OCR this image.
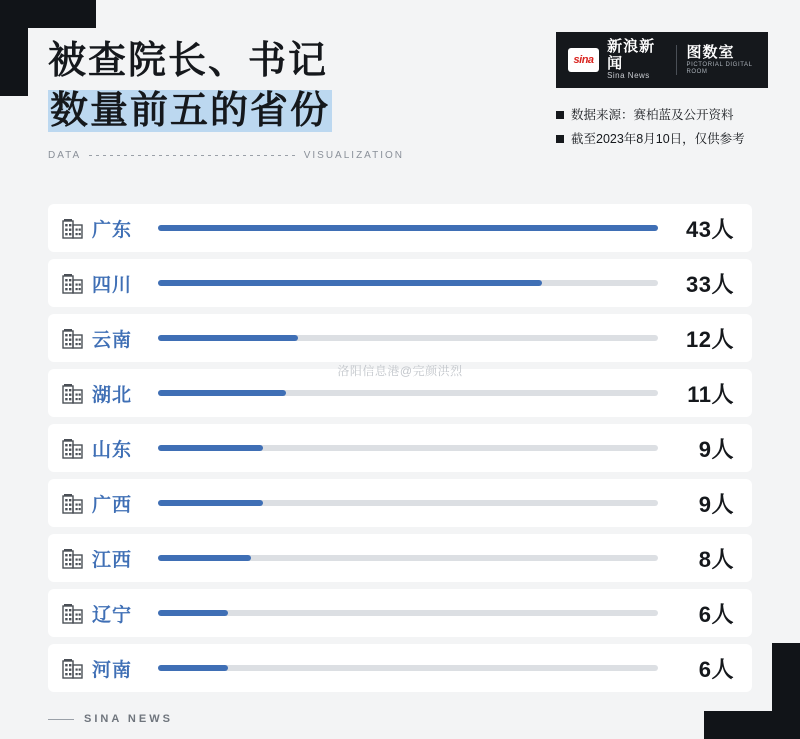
被查院长、书记
数量前五的省份
DATA	VISUALIZATION
sina
新浪新闻
Sina News
图数室
PICTORIAL DIGITAL ROOM
数据来源：赛柏蓝及公开资料
截至2023年8月10日，仅供参考
广东	43人
四川	33人
云南	12人
湖北	11人
山东	9人
广西	9人
江西	8人
辽宁	6人
河南	6人
洛阳信息港@完颜洪烈
SINA NEWS
